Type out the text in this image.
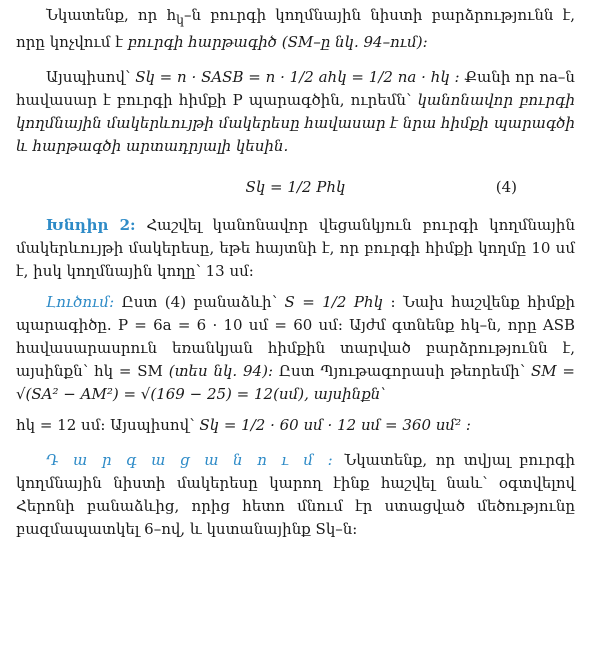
Նկատենք, որ $h_կ-ն$ բուրգի կողմնային նիստի բարձրությունն է, որը կոչվում է բուրգի հարթագիծ (SM–ը նկ. 94–ում):

Այսպիսով՝ Sկ = n · SASB = n · 1/2 ahկ = 1/2 na · hկ : Քանի որ na–ն հավասար է բուրգի հիմքի P պարագծին, ուրեմն՝ կանոնավոր բուրգի կողմնային մակերևույթի մակերեսը հավասար է նրա հիմքի պարագծի և հարթագծի արտադրյալի կեսին.

Sկ = 1/2 Phկ	(4)

Խնդիր 2: Հաշվել կանոնավոր վեցանկյուն բուրգի կողմնային մակերևույթի մակերեսը, եթե հայտնի է, որ բուրգի հիմքի կողմը 10 սմ է, իսկ կողմնային կողը՝ 13 սմ:

Լուծում: Ըստ (4) բանաձևի՝ S = 1/2 Phկ : Նախ հաշվենք հիմքի պարագիծը. P = 6a = 6 · 10 սմ = 60 սմ: Այժմ գտնենք hկ–ն, որը ASB հավասարասրուն եռանկյան հիմքին տարված բարձրությունն է, այսինքն՝ hկ = SM (տես նկ. 94): Ըստ Պյութագորասի թեորեմի՝ SM = √(SA² − AM²) = √(169 − 25) = 12(սմ), այսինքն՝

hկ = 12 սմ: Այսպիսով՝ Sկ = 1/2 · 60 սմ · 12 սմ = 360 սմ² :

Դ ա ր գ ա ց ա ն ո ւ մ : Նկատենք, որ տվյալ բուրգի կողմնային նիստի մակերեսը կարող էինք հաշվել նաև՝ օգտվելով Հերոնի բանաձևից, որից հետո մնում էր ստացված մեծությունը բազմապատկել 6–ով, և կստանայինք Sկ–ն:
